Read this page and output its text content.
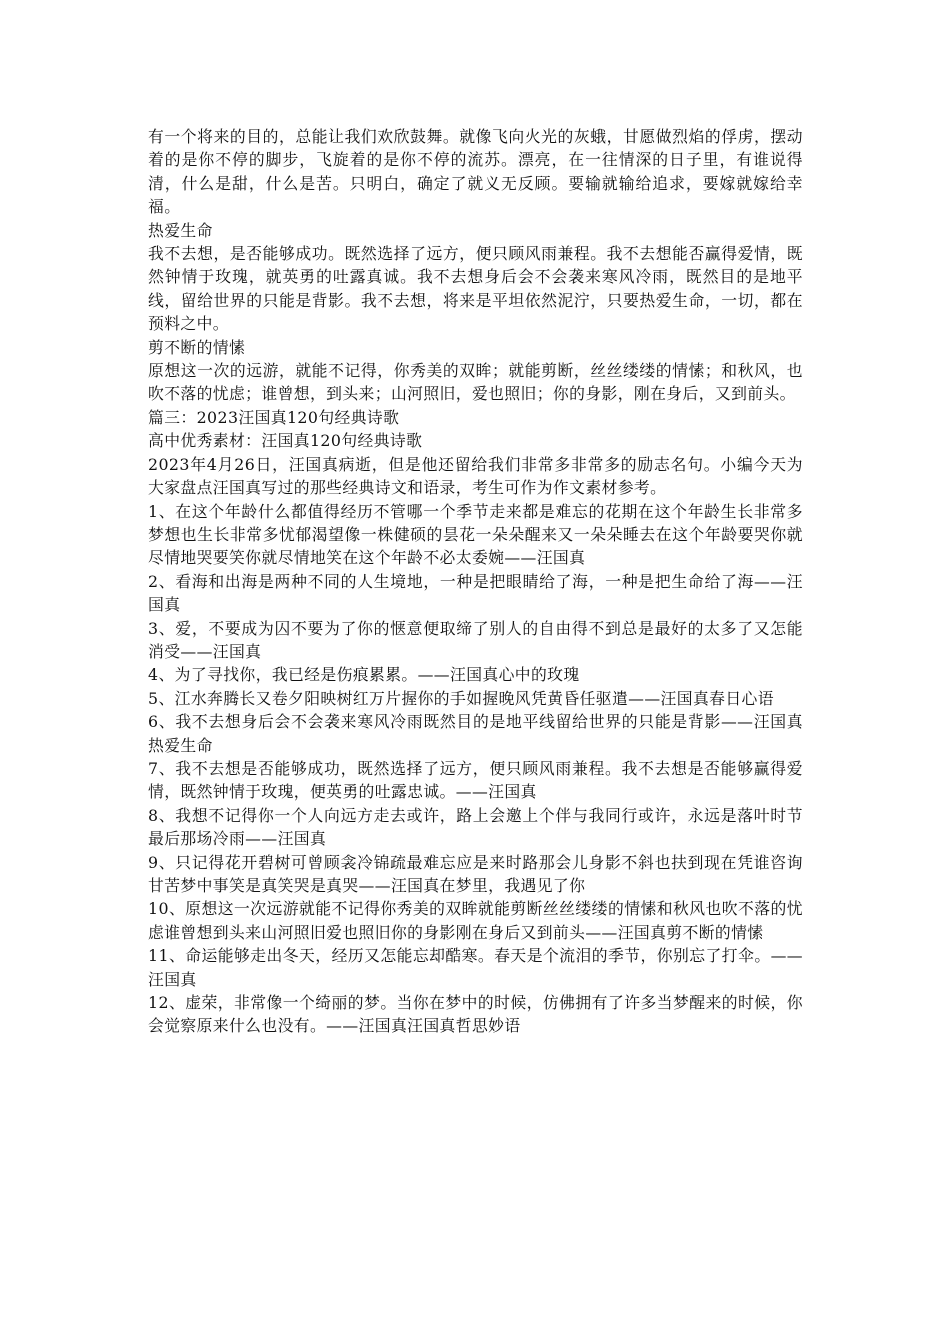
有一个将来的目的，总能让我们欢欣鼓舞。就像飞向火光的灰蛾，甘愿做烈焰的俘虏，摆动着的是你不停的脚步，飞旋着的是你不停的流苏。漂亮，在一往情深的日子里，有谁说得清，什么是甜，什么是苦。只明白，确定了就义无反顾。要输就输给追求，要嫁就嫁给幸福。

热爱生命

我不去想，是否能够成功。既然选择了远方，便只顾风雨兼程。我不去想能否赢得爱情，既然钟情于玫瑰，就英勇的吐露真诚。我不去想身后会不会袭来寒风冷雨，既然目的是地平线，留给世界的只能是背影。我不去想，将来是平坦依然泥泞，只要热爱生命，一切，都在预料之中。

剪不断的情愫

原想这一次的远游，就能不记得，你秀美的双眸；就能剪断，丝丝缕缕的情愫；和秋风，也吹不落的忧虑；谁曾想，到头来；山河照旧，爱也照旧；你的身影，刚在身后，又到前头。

篇三：2023汪国真120句经典诗歌

高中优秀素材：汪国真120句经典诗歌

2023年4月26日，汪国真病逝，但是他还留给我们非常多非常多的励志名句。小编今天为大家盘点汪国真写过的那些经典诗文和语录，考生可作为作文素材参考。

1、在这个年龄什么都值得经历不管哪一个季节走来都是难忘的花期在这个年龄生长非常多梦想也生长非常多忧郁渴望像一株健硕的昙花一朵朵醒来又一朵朵睡去在这个年龄要哭你就尽情地哭要笑你就尽情地笑在这个年龄不必太委婉——汪国真

2、看海和出海是两种不同的人生境地，一种是把眼睛给了海，一种是把生命给了海——汪国真

3、爱，不要成为囚不要为了你的惬意便取缔了别人的自由得不到总是最好的太多了又怎能消受——汪国真

4、为了寻找你，我已经是伤痕累累。——汪国真心中的玫瑰

5、江水奔腾长又卷夕阳映树红万片握你的手如握晚风凭黄昏任驱遣——汪国真春日心语

6、我不去想身后会不会袭来寒风冷雨既然目的是地平线留给世界的只能是背影——汪国真热爱生命

7、我不去想是否能够成功，既然选择了远方，便只顾风雨兼程。我不去想是否能够赢得爱情，既然钟情于玫瑰，便英勇的吐露忠诚。——汪国真

8、我想不记得你一个人向远方走去或许，路上会邀上个伴与我同行或许，永远是落叶时节最后那场冷雨——汪国真

9、只记得花开碧树可曾顾衾冷锦疏最难忘应是来时路那会儿身影不斜也扶到现在凭谁咨询甘苦梦中事笑是真笑哭是真哭——汪国真在梦里，我遇见了你

10、原想这一次远游就能不记得你秀美的双眸就能剪断丝丝缕缕的情愫和秋风也吹不落的忧虑谁曾想到头来山河照旧爱也照旧你的身影刚在身后又到前头——汪国真剪不断的情愫

11、命运能够走出冬天，经历又怎能忘却酷寒。春天是个流泪的季节，你别忘了打伞。——汪国真

12、虚荣，非常像一个绮丽的梦。当你在梦中的时候，仿佛拥有了许多当梦醒来的时候，你会觉察原来什么也没有。——汪国真汪国真哲思妙语
